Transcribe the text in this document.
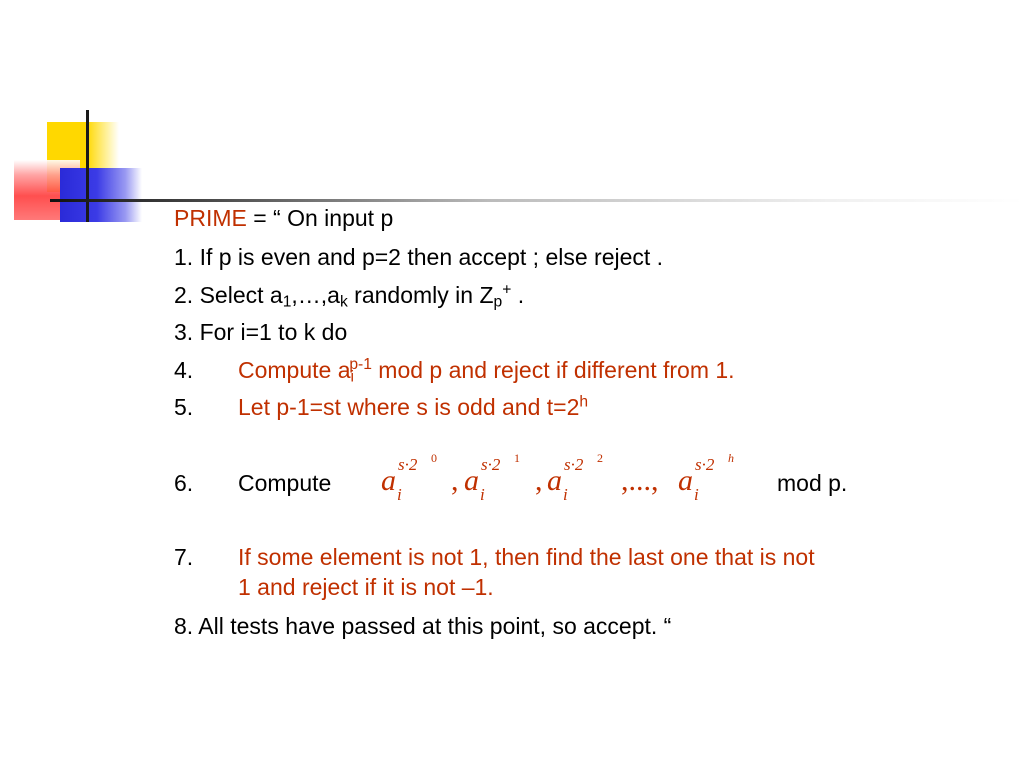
PRIME = “ On input p
1. If p is even and p=2 then accept ; else reject .
2. Select $a_1,\dots,a_k$ randomly in $Z_p^+$ .
3. For i=1 to k do
4. Compute $a_i^{p-1}$ mod p and reject if different from 1.
5. Let p-1=st where s is odd and $t=2^h$
6. Compute	mod p.
a i
s·2 0
a i
s·2 1
a i
s·2 2
a i
s·2 h
,	,	,...,
7. If some element is not 1, then find the last one that is not
1 and reject if it is not –1.
8. All tests have passed at this point, so accept. “
